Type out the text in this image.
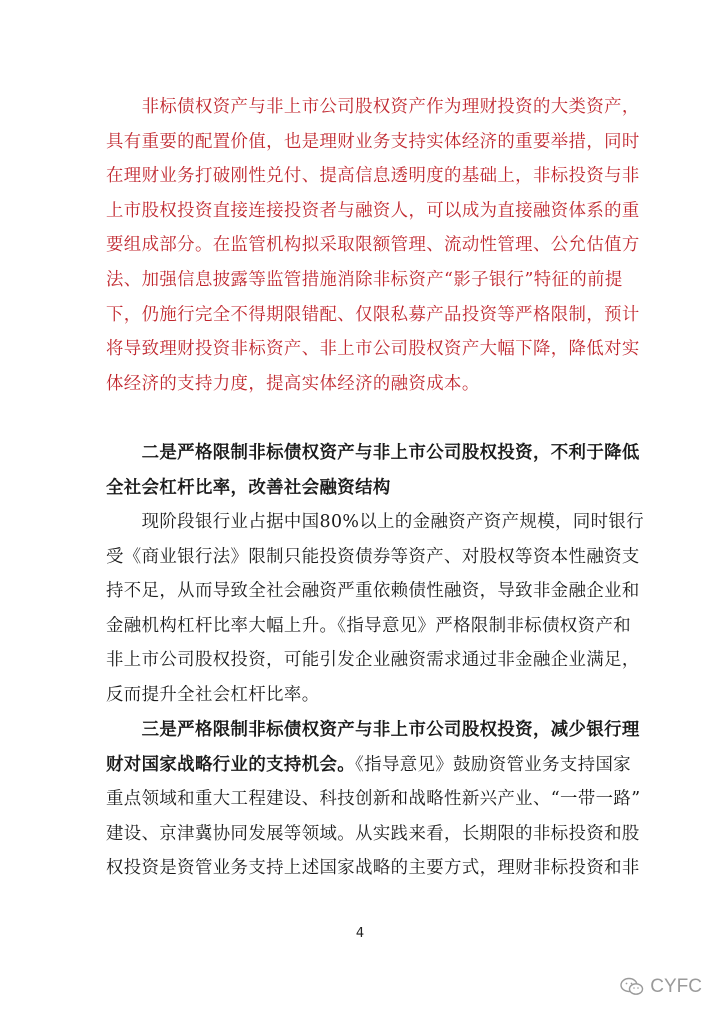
　　非标债权资产与非上市公司股权资产作为理财投资的大类资产，
具有重要的配置价值，也是理财业务支持实体经济的重要举措，同时
在理财业务打破刚性兑付、提高信息透明度的基础上，非标投资与非
上市股权投资直接连接投资者与融资人，可以成为直接融资体系的重
要组成部分。在监管机构拟采取限额管理、流动性管理、公允估值方
法、加强信息披露等监管措施消除非标资产“影子银行”特征的前提
下，仍施行完全不得期限错配、仅限私募产品投资等严格限制，预计
将导致理财投资非标资产、非上市公司股权资产大幅下降，降低对实
体经济的支持力度，提高实体经济的融资成本。
　　二是严格限制非标债权资产与非上市公司股权投资，不利于降低
全社会杠杆比率，改善社会融资结构
　　现阶段银行业占据中国80%以上的金融资产资产规模，同时银行
受《商业银行法》限制只能投资债券等资产、对股权等资本性融资支
持不足，从而导致全社会融资严重依赖债性融资，导致非金融企业和
金融机构杠杆比率大幅上升。《指导意见》严格限制非标债权资产和
非上市公司股权投资，可能引发企业融资需求通过非金融企业满足，
反而提升全社会杠杆比率。
　　三是严格限制非标债权资产与非上市公司股权投资，减少银行理
财对国家战略行业的支持机会。《指导意见》鼓励资管业务支持国家
重点领域和重大工程建设、科技创新和战略性新兴产业、“一带一路”
建设、京津冀协同发展等领域。从实践来看，长期限的非标投资和股
权投资是资管业务支持上述国家战略的主要方式，理财非标投资和非
4
CYFC
